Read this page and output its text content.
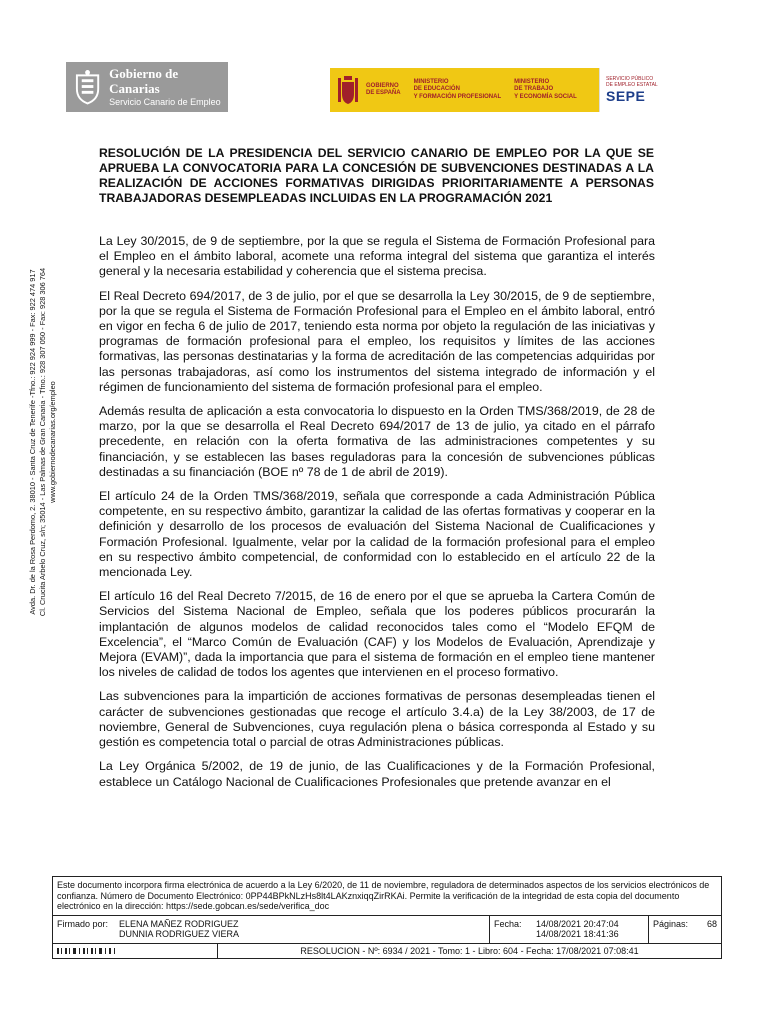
Gobierno de Canarias
Servicio Canario de Empleo
GOBIERNO
DE ESPAÑA
MINISTERIO
DE EDUCACIÓN
Y FORMACIÓN PROFESIONAL
MINISTERIO
DE TRABAJO
Y ECONOMÍA SOCIAL
SERVICIO PÚBLICO
DE EMPLEO ESTATAL
SEPE
RESOLUCIÓN DE LA PRESIDENCIA DEL SERVICIO CANARIO DE EMPLEO POR LA QUE SE APRUEBA LA CONVOCATORIA PARA LA CONCESIÓN DE SUBVENCIONES DESTINADAS A LA REALIZACIÓN DE ACCIONES FORMATIVAS DIRIGIDAS PRIORITARIAMENTE A PERSONAS TRABAJADORAS DESEMPLEADAS INCLUIDAS EN LA PROGRAMACIÓN 2021

La Ley 30/2015, de 9 de septiembre, por la que se regula el Sistema de Formación Profesional para el Empleo en el ámbito laboral, acomete una reforma integral del sistema que garantiza el interés general y la necesaria estabilidad y coherencia que el sistema precisa.

El Real Decreto 694/2017, de 3 de julio, por el que se desarrolla la Ley 30/2015, de 9 de septiembre, por la que se regula el Sistema de Formación Profesional para el Empleo en el ámbito laboral, entró en vigor en fecha 6 de julio de 2017, teniendo esta norma por objeto la regulación de las iniciativas y programas de formación profesional para el empleo, los requisitos y límites de las acciones formativas, las personas destinatarias y la forma de acreditación de las competencias adquiridas por las personas trabajadoras, así como los instrumentos del sistema integrado de información y el régimen de funcionamiento del sistema de formación profesional para el empleo.

Además resulta de aplicación a esta convocatoria lo dispuesto en la Orden TMS/368/2019, de 28 de marzo, por la que se desarrolla el Real Decreto 694/2017 de 13 de julio, ya citado en el párrafo precedente, en relación con la oferta formativa de las administraciones competentes y su financiación, y se establecen las bases reguladoras para la concesión de subvenciones públicas destinadas a su financiación (BOE nº 78 de 1 de abril de 2019).

El artículo 24 de la Orden TMS/368/2019, señala que corresponde a cada Administración Pública competente, en su respectivo ámbito, garantizar la calidad de las ofertas formativas y cooperar en la definición y desarrollo de los procesos de evaluación del Sistema Nacional de Cualificaciones y Formación Profesional. Igualmente, velar por la calidad de la formación profesional para el empleo en su respectivo ámbito competencial, de conformidad con lo establecido en el artículo 22 de la mencionada Ley.

El artículo 16 del Real Decreto 7/2015, de 16 de enero por el que se aprueba la Cartera Común de Servicios del Sistema Nacional de Empleo, señala que los poderes públicos procurarán la implantación de algunos modelos de calidad reconocidos tales como el “Modelo EFQM de Excelencia”, el “Marco Común de Evaluación (CAF) y los Modelos de Evaluación, Aprendizaje y Mejora (EVAM)”, dada la importancia que para el sistema de formación en el empleo tiene mantener los niveles de calidad de todos los agentes que intervienen en el proceso formativo.

Las subvenciones para la impartición de acciones formativas de personas desempleadas tienen el carácter de subvenciones gestionadas que recoge el artículo 3.4.a) de la Ley 38/2003, de 17 de noviembre, General de Subvenciones, cuya regulación plena o básica corresponda al Estado y su gestión es competencia total o parcial de otras Administraciones públicas.

La Ley Orgánica 5/2002, de 19 de junio, de las Cualificaciones y de la Formación Profesional, establece un Catálogo Nacional de Cualificaciones Profesionales que pretende avanzar en el

Avda. Dr. de la Rosa Perdomo, 2. 38010 - Santa Cruz de Tenerife -Tfno.: 922 924 999 - Fax: 922 474 917 Cl. Crucita Arbelo Cruz, s/n; 35014 - Las Palmas de Gran Canaria - Tfno.: 928 307 050 - Fax: 928 306 764 www.gobiernodecanarias.org/empleo
Este documento incorpora firma electrónica de acuerdo a la Ley 6/2020, de 11 de noviembre, reguladora de determinados aspectos de los servicios electrónicos de confianza. Número de Documento Electrónico: 0PP44BPkNLzHs8lt4LAKznxiqqZirRKAi. Permite la verificación de la integridad de esta copia del documento electrónico en la dirección: https://sede.gobcan.es/sede/verifica_doc
Firmado por:	ELENA MAÑEZ RODRIGUEZ
DUNNIA RODRIGUEZ VIERA
Fecha:	14/08/2021 20:47:04
14/08/2021 18:41:36
Páginas: 68
RESOLUCION - Nº: 6934 / 2021 - Tomo: 1 - Libro: 604 - Fecha: 17/08/2021 07:08:41
